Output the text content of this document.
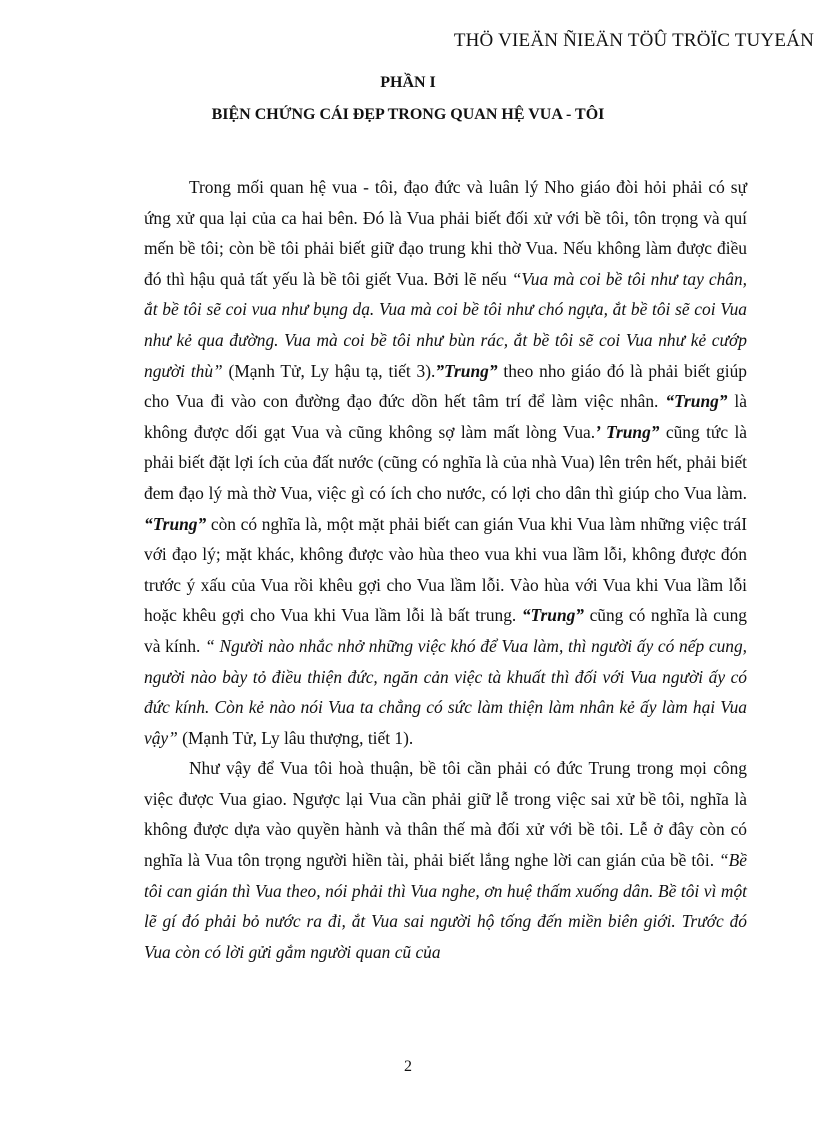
THÖ VIEÄN ÑIEÄN TÖÛ TRÖÏC TUYEÁN
PHẦN I
BIỆN CHỨNG CÁI ĐẸP TRONG QUAN HỆ VUA - TÔI

Trong mối quan hệ vua - tôi, đạo đức và luân lý Nho giáo đòi hỏi phải có sự ứng xử qua lại của ca hai bên. Đó là Vua phải biết đối xử với bề tôi, tôn trọng và quí mến bề tôi; còn bề tôi phải biết giữ đạo trung khi thờ Vua. Nếu không làm được điều đó thì hậu quả tất yếu là bề tôi giết Vua. Bởi lẽ nếu “Vua mà coi bề tôi như tay chân, ắt bề tôi sẽ coi vua như bụng dạ. Vua mà coi bề tôi như chó ngựa, ắt bề tôi sẽ coi Vua như kẻ qua đường. Vua mà coi bề tôi như bùn rác, ắt bề tôi sẽ coi Vua như kẻ cướp người thù” (Mạnh Tử, Ly hậu tạ, tiết 3).”Trung” theo nho giáo đó là phải biết giúp cho Vua đi vào con đường đạo đức dồn hết tâm trí để làm việc nhân. “Trung” là không được dối gạt Vua và cũng không sợ làm mất lòng Vua.’ Trung” cũng tức là phải biết đặt lợi ích của đất nước (cũng có nghĩa là của nhà Vua) lên trên hết, phải biết đem đạo lý mà thờ Vua, việc gì có ích cho nước, có lợi cho dân thì giúp cho Vua làm. “Trung” còn có nghĩa là, một mặt phải biết can gián Vua khi Vua làm những việc tráI với đạo lý; mặt khác, không được vào hùa theo vua khi vua lầm lỗi, không được đón trước ý xấu của Vua rồi khêu gợi cho Vua lầm lỗi. Vào hùa với Vua khi Vua lầm lỗi hoặc khêu gợi cho Vua khi Vua lầm lỗi là bất trung. “Trung” cũng có nghĩa là cung và kính. “ Người nào nhắc nhở những việc khó để Vua làm, thì người ấy có nếp cung, người nào bày tỏ điều thiện đức, ngăn cản việc tà khuất thì đối với Vua người ấy có đức kính. Còn kẻ nào nói Vua ta chẳng có sức làm thiện làm nhân kẻ ấy làm hại Vua vậy” (Mạnh Tử, Ly lâu thượng, tiết 1).

Như vậy để Vua tôi hoà thuận, bề tôi cần phải có đức Trung trong mọi công việc được Vua giao. Ngược lại Vua cần phải giữ lễ trong việc sai xử bề tôi, nghĩa là không được dựa vào quyền hành và thân thế mà đối xử với bề tôi. Lễ ở đây còn có nghĩa là Vua tôn trọng người hiền tài, phải biết lắng nghe lời can gián của bề tôi. “Bề tôi can gián thì Vua theo, nói phải thì Vua nghe, ơn huệ thấm xuống dân. Bề tôi vì một lẽ gí đó phải bỏ nước ra đi, ắt Vua sai người hộ tống đến miền biên giới. Trước đó Vua còn có lời gửi gắm người quan cũ của

2
